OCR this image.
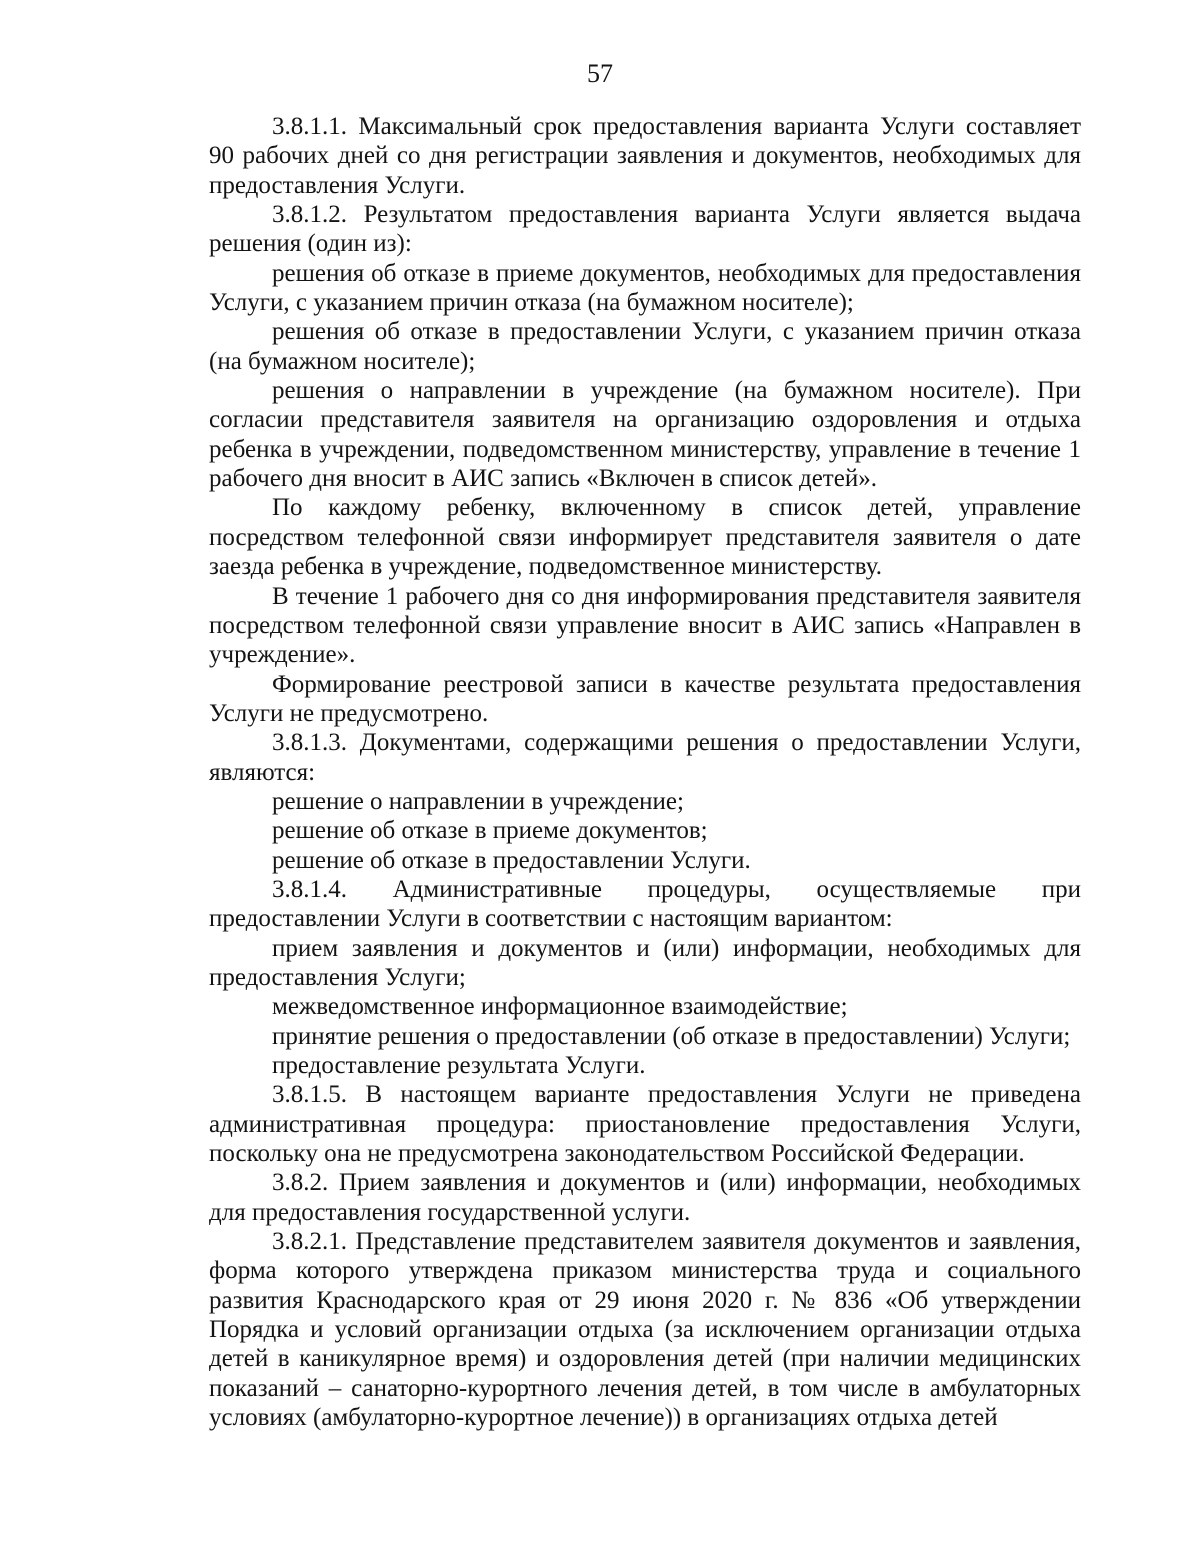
57

3.8.1.1. Максимальный срок предоставления варианта Услуги составляет 90 рабочих дней со дня регистрации заявления и документов, необходимых для предоставления Услуги.

3.8.1.2. Результатом предоставления варианта Услуги является выдача решения (один из):

решения об отказе в приеме документов, необходимых для предоставления Услуги, с указанием причин отказа (на бумажном носителе);

решения об отказе в предоставлении Услуги, с указанием причин отказа (на бумажном носителе);

решения о направлении в учреждение (на бумажном носителе). При согласии представителя заявителя на организацию оздоровления и отдыха ребенка в учреждении, подведомственном министерству, управление в течение 1 рабочего дня вносит в АИС запись «Включен в список детей».

По каждому ребенку, включенному в список детей, управление посредством телефонной связи информирует представителя заявителя о дате заезда ребенка в учреждение, подведомственное министерству.

В течение 1 рабочего дня со дня информирования представителя заявителя посредством телефонной связи управление вносит в АИС запись «Направлен в учреждение».

Формирование реестровой записи в качестве результата предоставления Услуги не предусмотрено.

3.8.1.3. Документами, содержащими решения о предоставлении Услуги, являются:

решение о направлении в учреждение;

решение об отказе в приеме документов;

решение об отказе в предоставлении Услуги.

3.8.1.4. Административные процедуры, осуществляемые при предоставлении Услуги в соответствии с настоящим вариантом:

прием заявления и документов и (или) информации, необходимых для предоставления Услуги;

межведомственное информационное взаимодействие;

принятие решения о предоставлении (об отказе в предоставлении) Услуги;

предоставление результата Услуги.

3.8.1.5. В настоящем варианте предоставления Услуги не приведена административная процедура: приостановление предоставления Услуги, поскольку она не предусмотрена законодательством Российской Федерации.

3.8.2. Прием заявления и документов и (или) информации, необходимых для предоставления государственной услуги.

3.8.2.1. Представление представителем заявителя документов и заявления, форма которого утверждена приказом министерства труда и социального развития Краснодарского края от 29 июня 2020 г. № 836 «Об утверждении Порядка и условий организации отдыха (за исключением организации отдыха детей в каникулярное время) и оздоровления детей (при наличии медицинских показаний – санаторно-курортного лечения детей, в том числе в амбулаторных условиях (амбулаторно-курортное лечение)) в организациях отдыха детей
